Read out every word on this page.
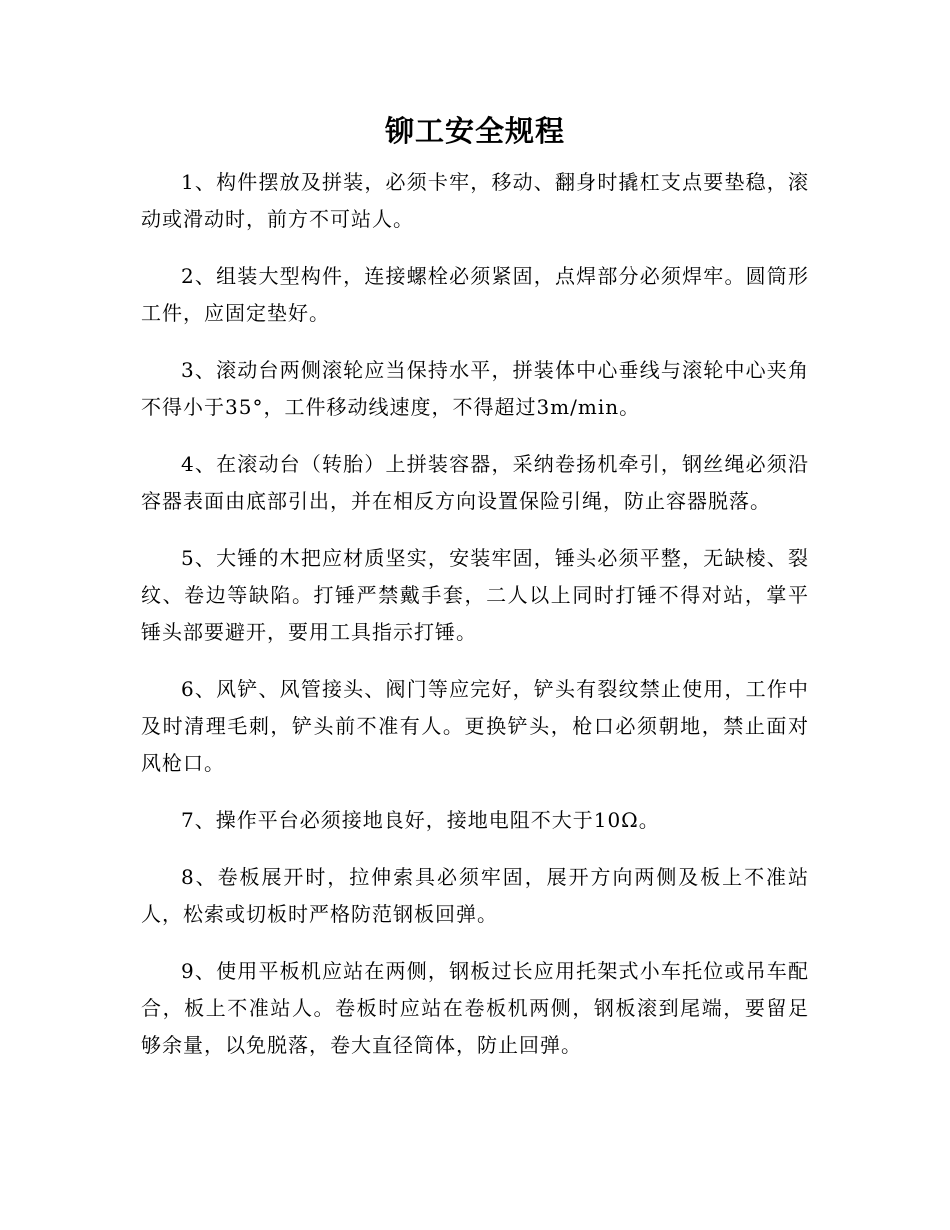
铆工安全规程

1、构件摆放及拼装，必须卡牢，移动、翻身时撬杠支点要垫稳，滚动或滑动时，前方不可站人。

2、组装大型构件，连接螺栓必须紧固，点焊部分必须焊牢。圆筒形工件，应固定垫好。

3、滚动台两侧滚轮应当保持水平，拼装体中心垂线与滚轮中心夹角不得小于35°，工件移动线速度，不得超过3m/min。

4、在滚动台（转胎）上拼装容器，采纳卷扬机牵引，钢丝绳必须沿容器表面由底部引出，并在相反方向设置保险引绳，防止容器脱落。

5、大锤的木把应材质坚实，安装牢固，锤头必须平整，无缺棱、裂纹、卷边等缺陷。打锤严禁戴手套，二人以上同时打锤不得对站，掌平锤头部要避开，要用工具指示打锤。

6、风铲、风管接头、阀门等应完好，铲头有裂纹禁止使用，工作中及时清理毛刺，铲头前不准有人。更换铲头，枪口必须朝地，禁止面对风枪口。

7、操作平台必须接地良好，接地电阻不大于10Ω。

8、卷板展开时，拉伸索具必须牢固，展开方向两侧及板上不准站人，松索或切板时严格防范钢板回弹。

9、使用平板机应站在两侧，钢板过长应用托架式小车托位或吊车配合，板上不准站人。卷板时应站在卷板机两侧，钢板滚到尾端，要留足够余量，以免脱落，卷大直径筒体，防止回弹。
